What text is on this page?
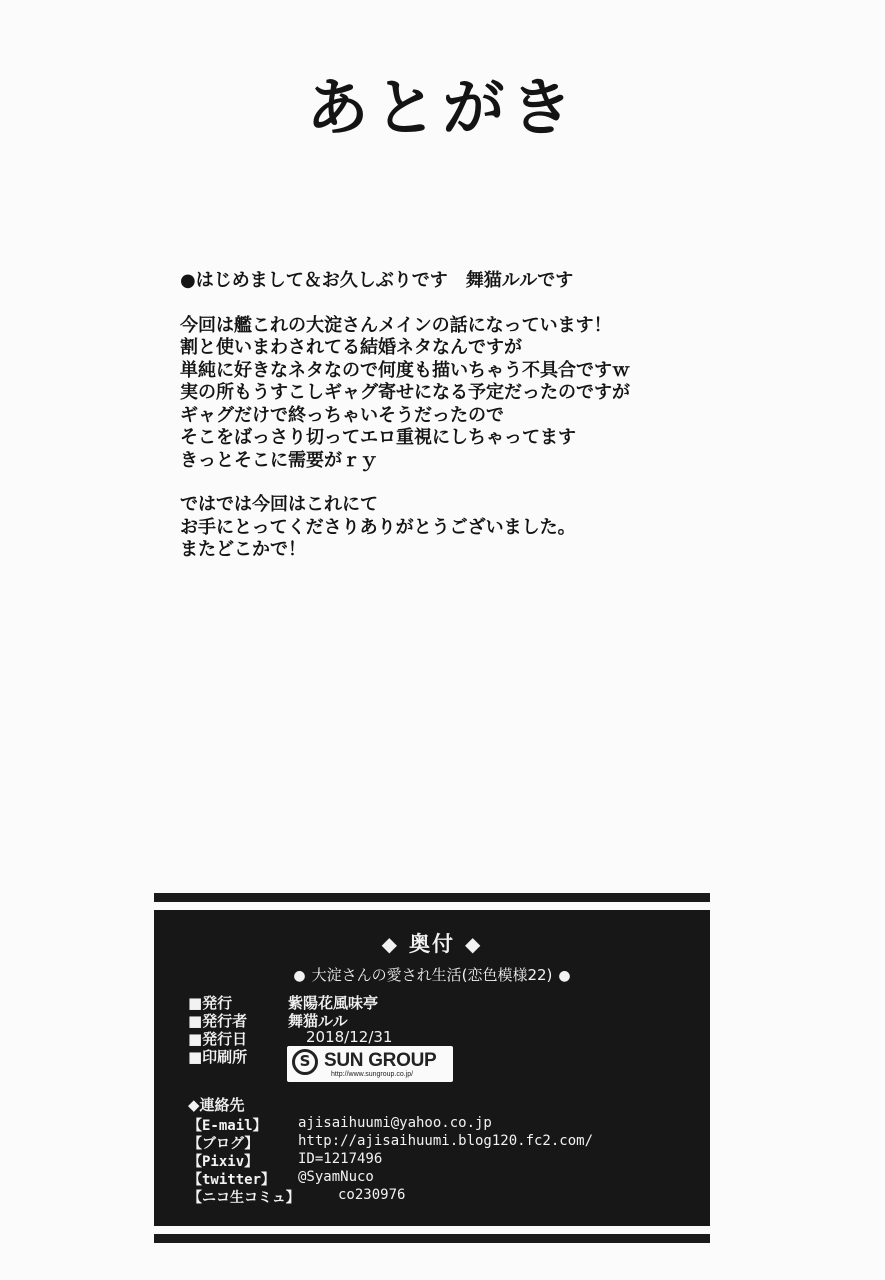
あとがき

●はじめまして＆お久しぶりです　舞猫ルルです

今回は艦これの大淀さんメインの話になっています！
割と使いまわされてる結婚ネタなんですが
単純に好きなネタなので何度も描いちゃう不具合ですｗ
実の所もうすこしギャグ寄せになる予定だったのですが
ギャグだけで終っちゃいそうだったので
そこをばっさり切ってエロ重視にしちゃってます
きっとそこに需要がｒｙ
ではでは今回はこれにて
お手にとってくださりありがとうございました。
またどこかで！
◆ 奥付 ◆
● 大淀さんの愛され生活(恋色模様22) ●
■発行	紫陽花風味亭
■発行者	舞猫ルル
■発行日	2018/12/31
■印刷所	S SUN GROUP
http://www.sungroup.co.jp/
◆連絡先
【E-mail】 ajisaihuumi@yahoo.co.jp
【ブログ】	http://ajisaihuumi.blog120.fc2.com/
【Pixiv】	ID=1217496
【twitter】 @SyamNuco
【ニコ生コミュ】	co230976
